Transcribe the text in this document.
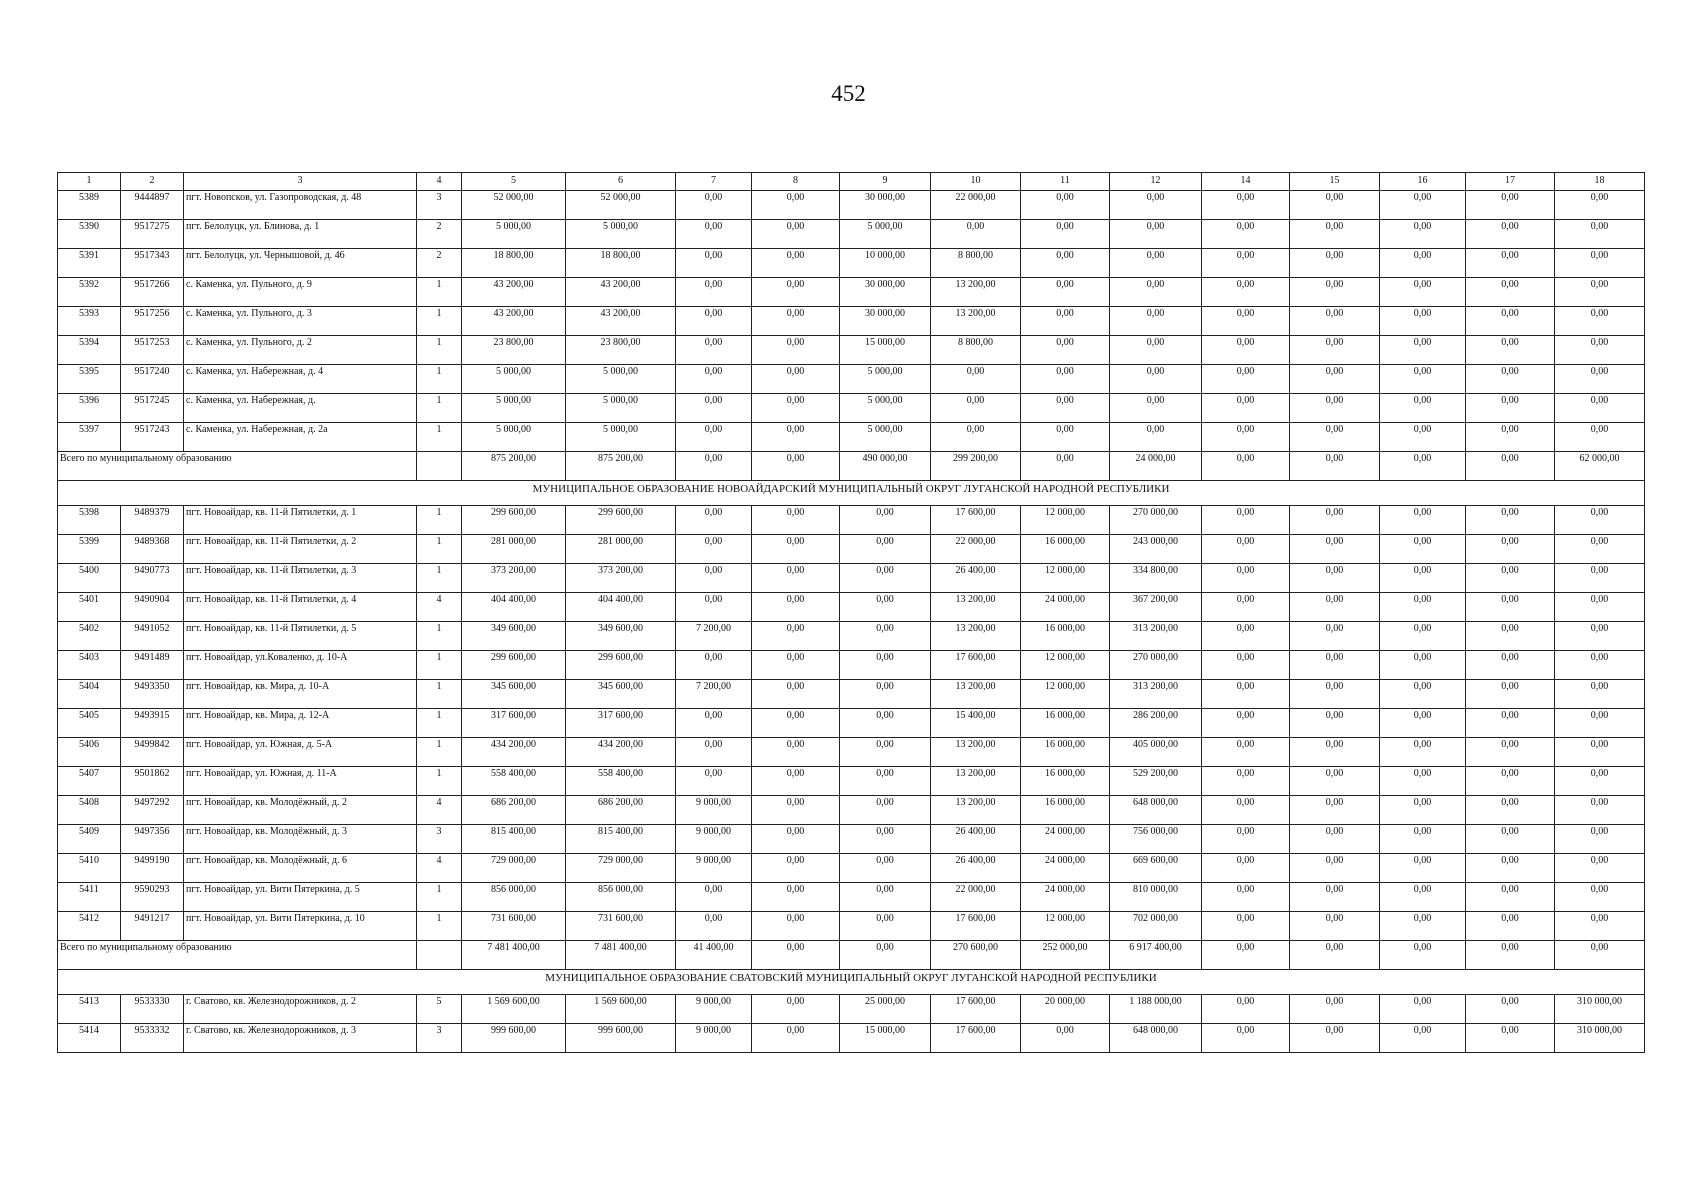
452
1	2	3	4	5	6	7	8	9	10	11	12	14	15	16	17	18
5389	9444897	пгт. Новопсков, ул. Газопроводская, д. 48	3	52 000,00	52 000,00	0,00	0,00	30 000,00	22 000,00	0,00	0,00	0,00	0,00	0,00	0,00	0,00
5390	9517275	пгт. Белолуцк, ул. Блинова, д. 1	2	5 000,00	5 000,00	0,00	0,00	5 000,00	0,00	0,00	0,00	0,00	0,00	0,00	0,00	0,00
5391	9517343	пгт. Белолуцк, ул. Чернышовой, д. 46	2	18 800,00	18 800,00	0,00	0,00	10 000,00	8 800,00	0,00	0,00	0,00	0,00	0,00	0,00	0,00
5392	9517266	с. Каменка, ул. Пульного, д. 9	1	43 200,00	43 200,00	0,00	0,00	30 000,00	13 200,00	0,00	0,00	0,00	0,00	0,00	0,00	0,00
5393	9517256	с. Каменка, ул. Пульного, д. 3	1	43 200,00	43 200,00	0,00	0,00	30 000,00	13 200,00	0,00	0,00	0,00	0,00	0,00	0,00	0,00
5394	9517253	с. Каменка, ул. Пульного, д. 2	1	23 800,00	23 800,00	0,00	0,00	15 000,00	8 800,00	0,00	0,00	0,00	0,00	0,00	0,00	0,00
5395	9517240	с. Каменка, ул. Набережная, д. 4	1	5 000,00	5 000,00	0,00	0,00	5 000,00	0,00	0,00	0,00	0,00	0,00	0,00	0,00	0,00
5396	9517245	с. Каменка, ул. Набережная, д.	1	5 000,00	5 000,00	0,00	0,00	5 000,00	0,00	0,00	0,00	0,00	0,00	0,00	0,00	0,00
5397	9517243	с. Каменка, ул. Набережная, д. 2а	1	5 000,00	5 000,00	0,00	0,00	5 000,00	0,00	0,00	0,00	0,00	0,00	0,00	0,00	0,00
Всего по муниципальному образованию				875 200,00	875 200,00	0,00	0,00	490 000,00	299 200,00	0,00	24 000,00	0,00	0,00	0,00	0,00	62 000,00
МУНИЦИПАЛЬНОЕ ОБРАЗОВАНИЕ НОВОАЙДАРСКИЙ МУНИЦИПАЛЬНЫЙ ОКРУГ ЛУГАНСКОЙ НАРОДНОЙ РЕСПУБЛИКИ																
5398	9489379	пгт. Новоайдар, кв. 11-й Пятилетки, д. 1	1	299 600,00	299 600,00	0,00	0,00	0,00	17 600,00	12 000,00	270 000,00	0,00	0,00	0,00	0,00	0,00
5399	9489368	пгт. Новоайдар, кв. 11-й Пятилетки, д. 2	1	281 000,00	281 000,00	0,00	0,00	0,00	22 000,00	16 000,00	243 000,00	0,00	0,00	0,00	0,00	0,00
5400	9490773	пгт. Новоайдар, кв. 11-й Пятилетки, д. 3	1	373 200,00	373 200,00	0,00	0,00	0,00	26 400,00	12 000,00	334 800,00	0,00	0,00	0,00	0,00	0,00
5401	9490904	пгт. Новоайдар, кв. 11-й Пятилетки, д. 4	4	404 400,00	404 400,00	0,00	0,00	0,00	13 200,00	24 000,00	367 200,00	0,00	0,00	0,00	0,00	0,00
5402	9491052	пгт. Новоайдар, кв. 11-й Пятилетки, д. 5	1	349 600,00	349 600,00	7 200,00	0,00	0,00	13 200,00	16 000,00	313 200,00	0,00	0,00	0,00	0,00	0,00
5403	9491489	пгт. Новоайдар, ул.Коваленко, д. 10-А	1	299 600,00	299 600,00	0,00	0,00	0,00	17 600,00	12 000,00	270 000,00	0,00	0,00	0,00	0,00	0,00
5404	9493350	пгт. Новоайдар, кв. Мира, д. 10-А	1	345 600,00	345 600,00	7 200,00	0,00	0,00	13 200,00	12 000,00	313 200,00	0,00	0,00	0,00	0,00	0,00
5405	9493915	пгт. Новоайдар, кв. Мира, д. 12-А	1	317 600,00	317 600,00	0,00	0,00	0,00	15 400,00	16 000,00	286 200,00	0,00	0,00	0,00	0,00	0,00
5406	9499842	пгт. Новоайдар, ул. Южная, д. 5-А	1	434 200,00	434 200,00	0,00	0,00	0,00	13 200,00	16 000,00	405 000,00	0,00	0,00	0,00	0,00	0,00
5407	9501862	пгт. Новоайдар, ул. Южная, д. 11-А	1	558 400,00	558 400,00	0,00	0,00	0,00	13 200,00	16 000,00	529 200,00	0,00	0,00	0,00	0,00	0,00
5408	9497292	пгт. Новоайдар, кв. Молодёжный, д. 2	4	686 200,00	686 200,00	9 000,00	0,00	0,00	13 200,00	16 000,00	648 000,00	0,00	0,00	0,00	0,00	0,00
5409	9497356	пгт. Новоайдар, кв. Молодёжный, д. 3	3	815 400,00	815 400,00	9 000,00	0,00	0,00	26 400,00	24 000,00	756 000,00	0,00	0,00	0,00	0,00	0,00
5410	9499190	пгт. Новоайдар, кв. Молодёжный, д. 6	4	729 000,00	729 000,00	9 000,00	0,00	0,00	26 400,00	24 000,00	669 600,00	0,00	0,00	0,00	0,00	0,00
5411	9590293	пгт. Новоайдар, ул. Вити Пятеркина, д. 5	1	856 000,00	856 000,00	0,00	0,00	0,00	22 000,00	24 000,00	810 000,00	0,00	0,00	0,00	0,00	0,00
5412	9491217	пгт. Новоайдар, ул. Вити Пятеркина, д. 10	1	731 600,00	731 600,00	0,00	0,00	0,00	17 600,00	12 000,00	702 000,00	0,00	0,00	0,00	0,00	0,00
Всего по муниципальному образованию				7 481 400,00	7 481 400,00	41 400,00	0,00	0,00	270 600,00	252 000,00	6 917 400,00	0,00	0,00	0,00	0,00	0,00
МУНИЦИПАЛЬНОЕ ОБРАЗОВАНИЕ СВАТОВСКИЙ МУНИЦИПАЛЬНЫЙ ОКРУГ ЛУГАНСКОЙ НАРОДНОЙ РЕСПУБЛИКИ																
5413	9533330	г. Сватово, кв. Железнодорожников, д. 2	5	1 569 600,00	1 569 600,00	9 000,00	0,00	25 000,00	17 600,00	20 000,00	1 188 000,00	0,00	0,00	0,00	0,00	310 000,00
5414	9533332	г. Сватово, кв. Железнодорожников, д. 3	3	999 600,00	999 600,00	9 000,00	0,00	15 000,00	17 600,00	0,00	648 000,00	0,00	0,00	0,00	0,00	310 000,00
